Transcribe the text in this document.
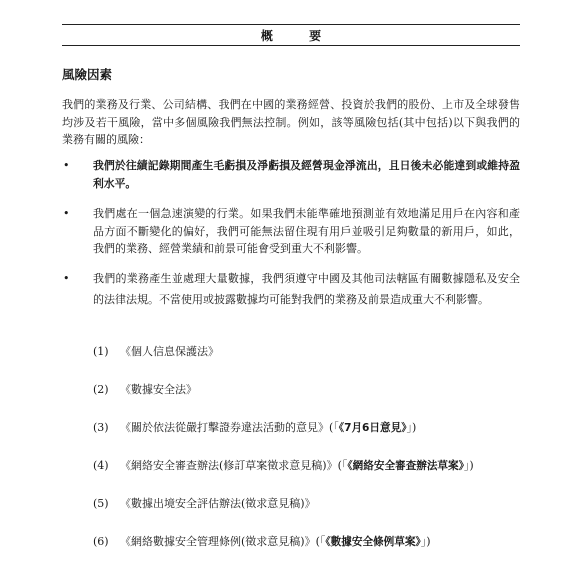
概 要
風險因素

我們的業務及行業、公司結構、我們在中國的業務經營、投資於我們的股份、上市及全球發售均涉及若干風險，當中多個風險我們無法控制。例如，該等風險包括(其中包括)以下與我們的業務有關的風險：

• 我們於往績記錄期間產生毛虧損及淨虧損及經營現金淨流出，且日後未必能達到或維持盈利水平。
• 我們處在一個急速演變的行業。如果我們未能準確地預測並有效地滿足用戶在內容和產品方面不斷變化的偏好，我們可能無法留住現有用戶並吸引足夠數量的新用戶，如此，我們的業務、經營業績和前景可能會受到重大不利影響。
• 我們的業務產生並處理大量數據，我們須遵守中國及其他司法轄區有關數據隱私及安全的法律法規。不當使用或披露數據均可能對我們的業務及前景造成重大不利影響。
(1) 《個人信息保護法》
(2) 《數據安全法》
(3) 《關於依法從嚴打擊證券違法活動的意見》(「《7月6日意見》」)
(4) 《網絡安全審查辦法(修訂草案徵求意見稿)》(「《網絡安全審查辦法草案》」)
(5) 《數據出境安全評估辦法(徵求意見稿)》
(6) 《網絡數據安全管理條例(徵求意見稿)》(「《數據安全條例草案》」)
